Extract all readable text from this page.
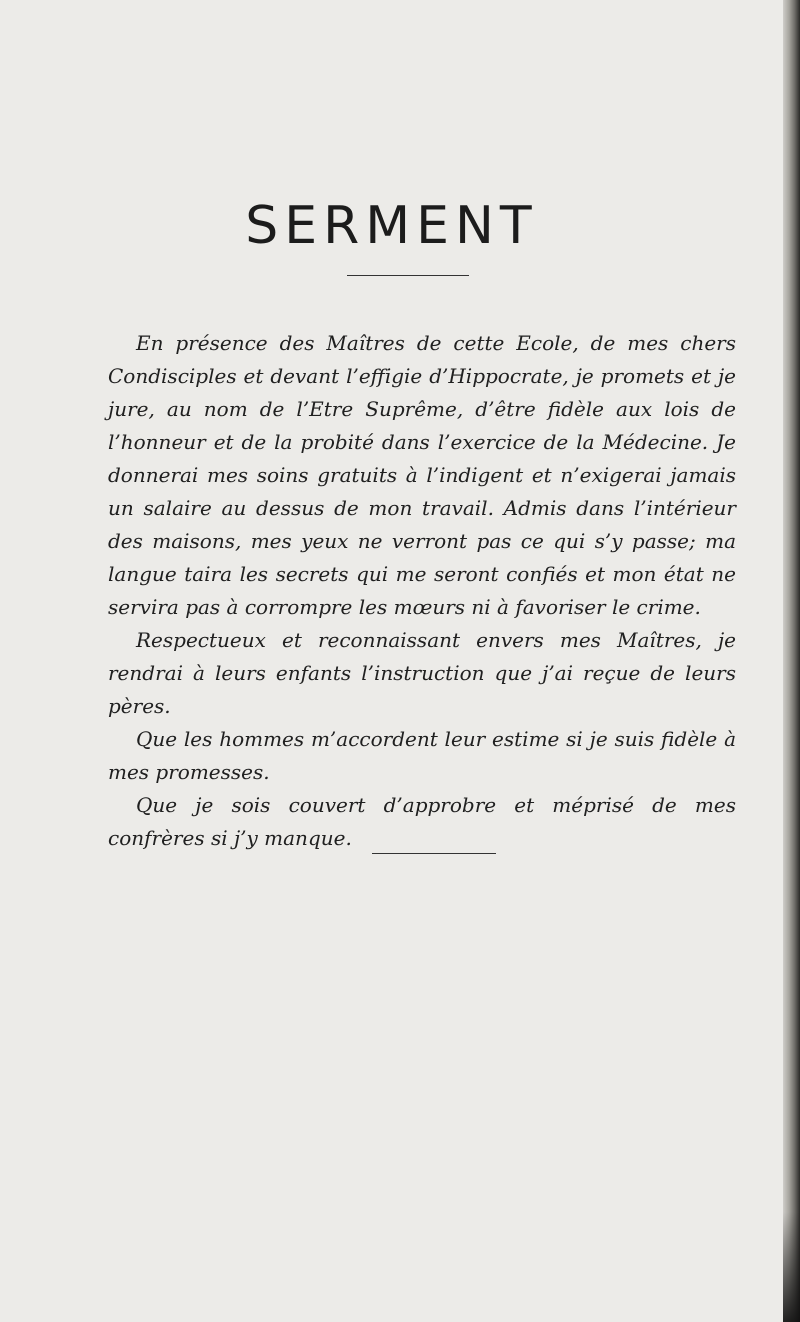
SERMENT

En présence des Maîtres de cette Ecole, de mes chers Condisciples et devant l’effigie d’Hippocrate, je promets et je jure, au nom de l’Etre Suprême, d’être fidèle aux lois de l’honneur et de la probité dans l’exercice de la Médecine. Je donnerai mes soins gratuits à l’indigent et n’exigerai jamais un salaire au dessus de mon travail. Admis dans l’intérieur des maisons, mes yeux ne verront pas ce qui s’y passe; ma langue taira les secrets qui me seront confiés et mon état ne servira pas à corrompre les mœurs ni à favoriser le crime.

Respectueux et reconnaissant envers mes Maîtres, je rendrai à leurs enfants l’instruction que j’ai reçue de leurs pères.

Que les hommes m’accordent leur estime si je suis fidèle à mes promesses.

Que je sois couvert d’approbre et méprisé de mes confrères si j’y manque.
